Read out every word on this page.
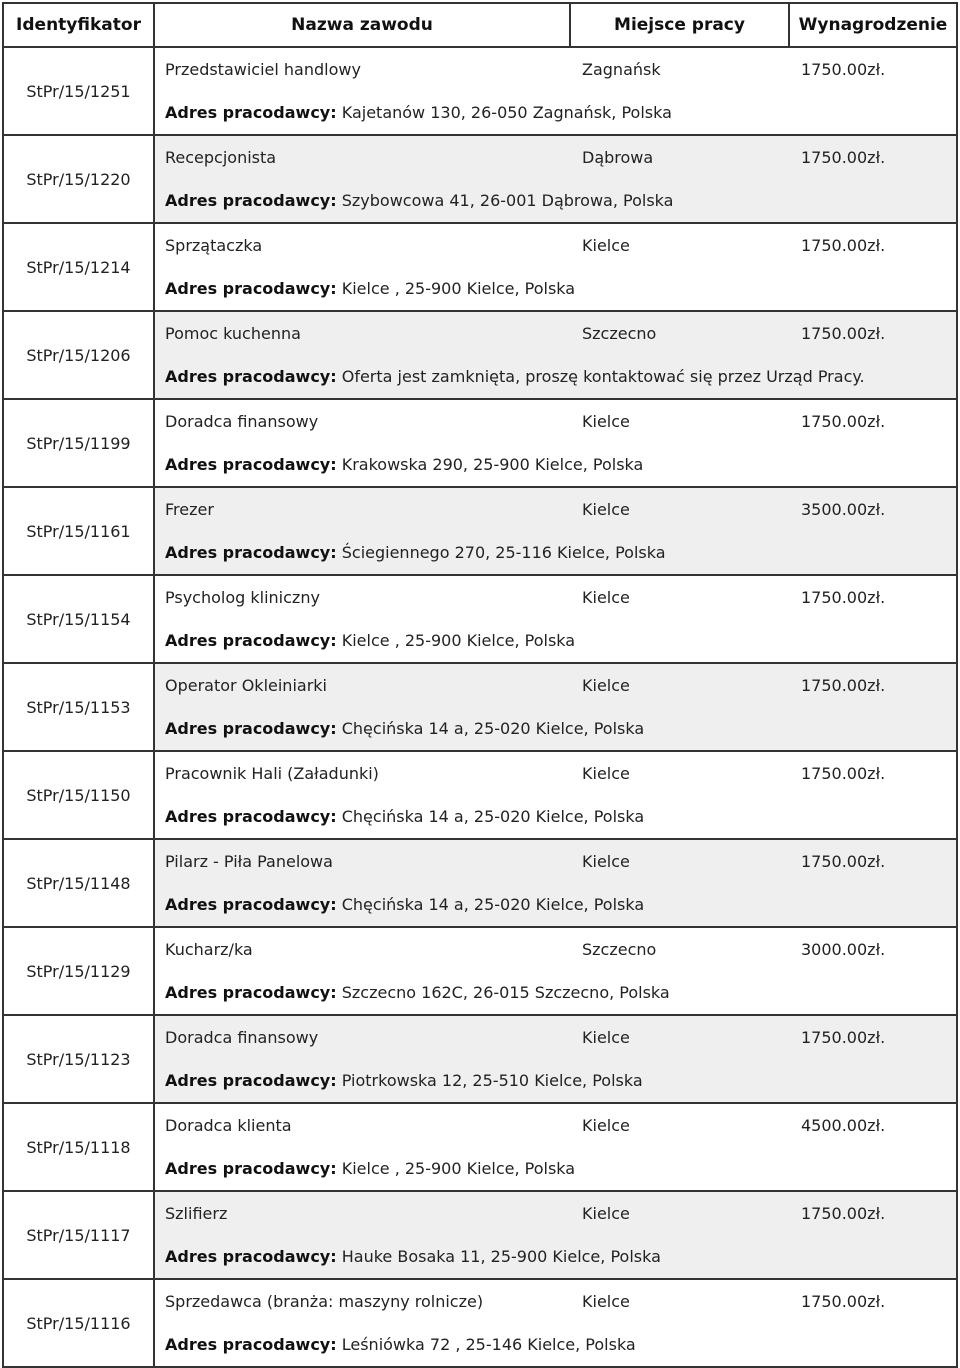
Identyfikator	Nazwa zawodu	Miejsce pracy	Wynagrodzenie
StPr/15/1251
Przedstawiciel handlowy	Zagnańsk	1750.00zł.
Adres pracodawcy: Kajetanów 130, 26-050 Zagnańsk, Polska
StPr/15/1220
Recepcjonista	Dąbrowa	1750.00zł.
Adres pracodawcy: Szybowcowa 41, 26-001 Dąbrowa, Polska
StPr/15/1214
Sprzątaczka	Kielce	1750.00zł.
Adres pracodawcy: Kielce , 25-900 Kielce, Polska
StPr/15/1206
Pomoc kuchenna	Szczecno	1750.00zł.
Adres pracodawcy: Oferta jest zamknięta, proszę kontaktować się przez Urząd Pracy.
StPr/15/1199
Doradca finansowy	Kielce	1750.00zł.
Adres pracodawcy: Krakowska 290, 25-900 Kielce, Polska
StPr/15/1161
Frezer	Kielce	3500.00zł.
Adres pracodawcy: Ściegiennego 270, 25-116 Kielce, Polska
StPr/15/1154
Psycholog kliniczny	Kielce	1750.00zł.
Adres pracodawcy: Kielce , 25-900 Kielce, Polska
StPr/15/1153
Operator Okleiniarki	Kielce	1750.00zł.
Adres pracodawcy: Chęcińska 14 a, 25-020 Kielce, Polska
StPr/15/1150
Pracownik Hali (Załadunki)	Kielce	1750.00zł.
Adres pracodawcy: Chęcińska 14 a, 25-020 Kielce, Polska
StPr/15/1148
Pilarz - Piła Panelowa	Kielce	1750.00zł.
Adres pracodawcy: Chęcińska 14 a, 25-020 Kielce, Polska
StPr/15/1129
Kucharz/ka	Szczecno	3000.00zł.
Adres pracodawcy: Szczecno 162C, 26-015 Szczecno, Polska
StPr/15/1123
Doradca finansowy	Kielce	1750.00zł.
Adres pracodawcy: Piotrkowska 12, 25-510 Kielce, Polska
StPr/15/1118
Doradca klienta	Kielce	4500.00zł.
Adres pracodawcy: Kielce , 25-900 Kielce, Polska
StPr/15/1117
Szlifierz	Kielce	1750.00zł.
Adres pracodawcy: Hauke Bosaka 11, 25-900 Kielce, Polska
StPr/15/1116
Sprzedawca (branża: maszyny rolnicze)	Kielce	1750.00zł.
Adres pracodawcy: Leśniówka 72 , 25-146 Kielce, Polska
